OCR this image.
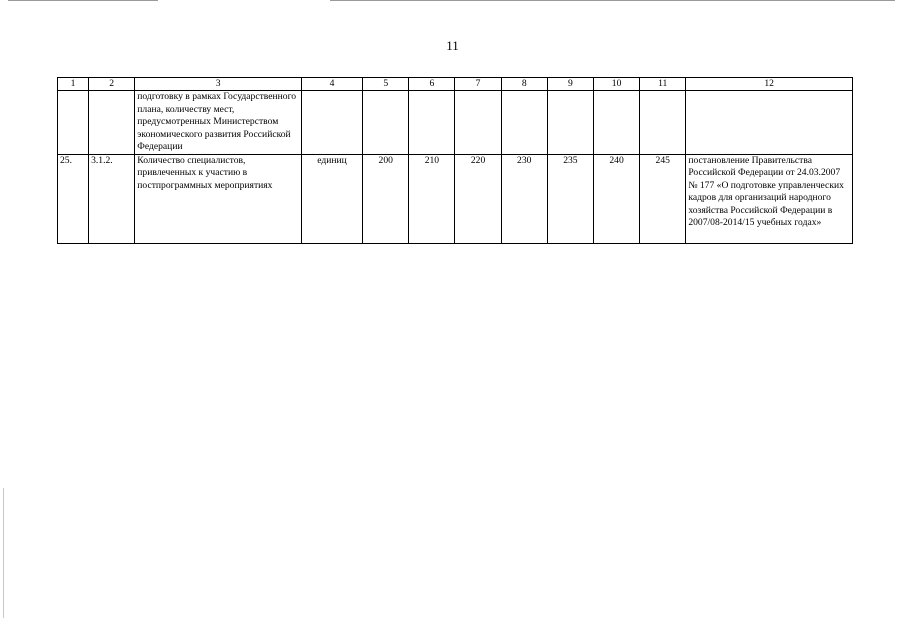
11
1	2	3	4	5	6	7	8	9	10	11	12
		подготовку в рамках Государственного плана, количеству мест, предусмотренных Министерством экономического развития Российской Федерации									
25.	3.1.2.	Количество специалистов, привлеченных к участию в постпрограммных мероприятиях	единиц	200	210	220	230	235	240	245	постановление Правительства Российской Федерации от 24.03.2007 № 177 «О подготовке управленческих кадров для организаций народного хозяйства Российской Федерации в 2007/08-2014/15 учебных годах»
